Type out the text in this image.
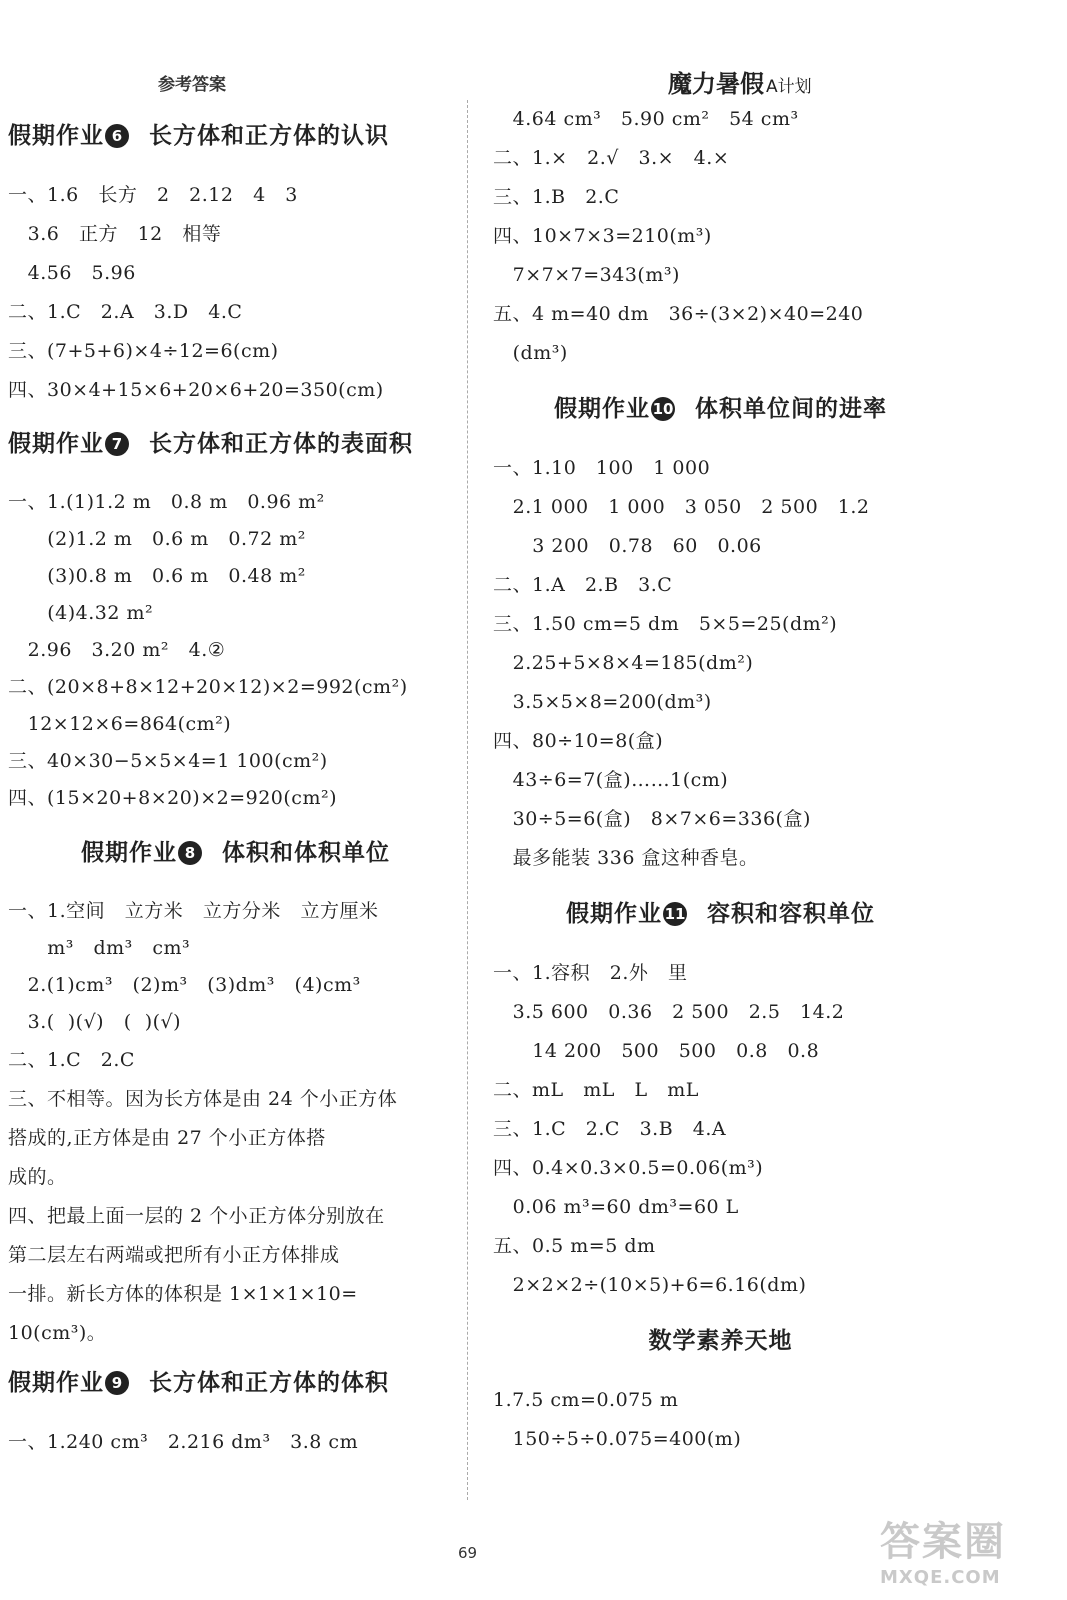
参考答案	魔力暑假 A计划
假期作业 6 长方体和正方体的认识
一、1.6   长方   2   2.12   4   3
3.6   正方   12   相等
4.56   5.96
二、1.C   2.A   3.D   4.C
三、(7+5+6)×4÷12=6(cm)
四、30×4+15×6+20×6+20=350(cm)
假期作业 7 长方体和正方体的表面积
一、1.(1)1.2 m   0.8 m   0.96 m²
(2)1.2 m   0.6 m   0.72 m²
(3)0.8 m   0.6 m   0.48 m²
(4)4.32 m²
2.96   3.20 m²   4.②
二、(20×8+8×12+20×12)×2=992(cm²)
12×12×6=864(cm²)
三、40×30−5×5×4=1 100(cm²)
四、(15×20+8×20)×2=920(cm²)
假期作业 8 体积和体积单位
一、1.空间   立方米   立方分米   立方厘米
m³   dm³   cm³
2.(1)cm³   (2)m³   (3)dm³   (4)cm³
3.(  )(√)   (  )(√)
二、1.C   2.C
三、不相等。因为长方体是由 24 个小正方体
搭成的,正方体是由 27 个小正方体搭
成的。
四、把最上面一层的 2 个小正方体分别放在
第二层左右两端或把所有小正方体排成
一排。新长方体的体积是 1×1×1×10=
10(cm³)。
假期作业 9 长方体和正方体的体积
一、1.240 cm³   2.216 dm³   3.8 cm
4.64 cm³   5.90 cm²   54 cm³
二、1.×   2.√   3.×   4.×
三、1.B   2.C
四、10×7×3=210(m³)
7×7×7=343(m³)
五、4 m=40 dm   36÷(3×2)×40=240
(dm³)
假期作业 10 体积单位间的进率
一、1.10   100   1 000
2.1 000   1 000   3 050   2 500   1.2
3 200   0.78   60   0.06
二、1.A   2.B   3.C
三、1.50 cm=5 dm   5×5=25(dm²)
2.25+5×8×4=185(dm²)
3.5×5×8=200(dm³)
四、80÷10=8(盒)
43÷6=7(盒)……1(cm)
30÷5=6(盒)   8×7×6=336(盒)
最多能装 336 盒这种香皂。
假期作业 11 容积和容积单位
一、1.容积   2.外   里
3.5 600   0.36   2 500   2.5   14.2
14 200   500   500   0.8   0.8
二、mL   mL   L   mL
三、1.C   2.C   3.B   4.A
四、0.4×0.3×0.5=0.06(m³)
0.06 m³=60 dm³=60 L
五、0.5 m=5 dm
2×2×2÷(10×5)+6=6.16(dm)
数学素养天地
1.7.5 cm=0.075 m
150÷5÷0.075=400(m)
69	答案圈
MXQE.COM
